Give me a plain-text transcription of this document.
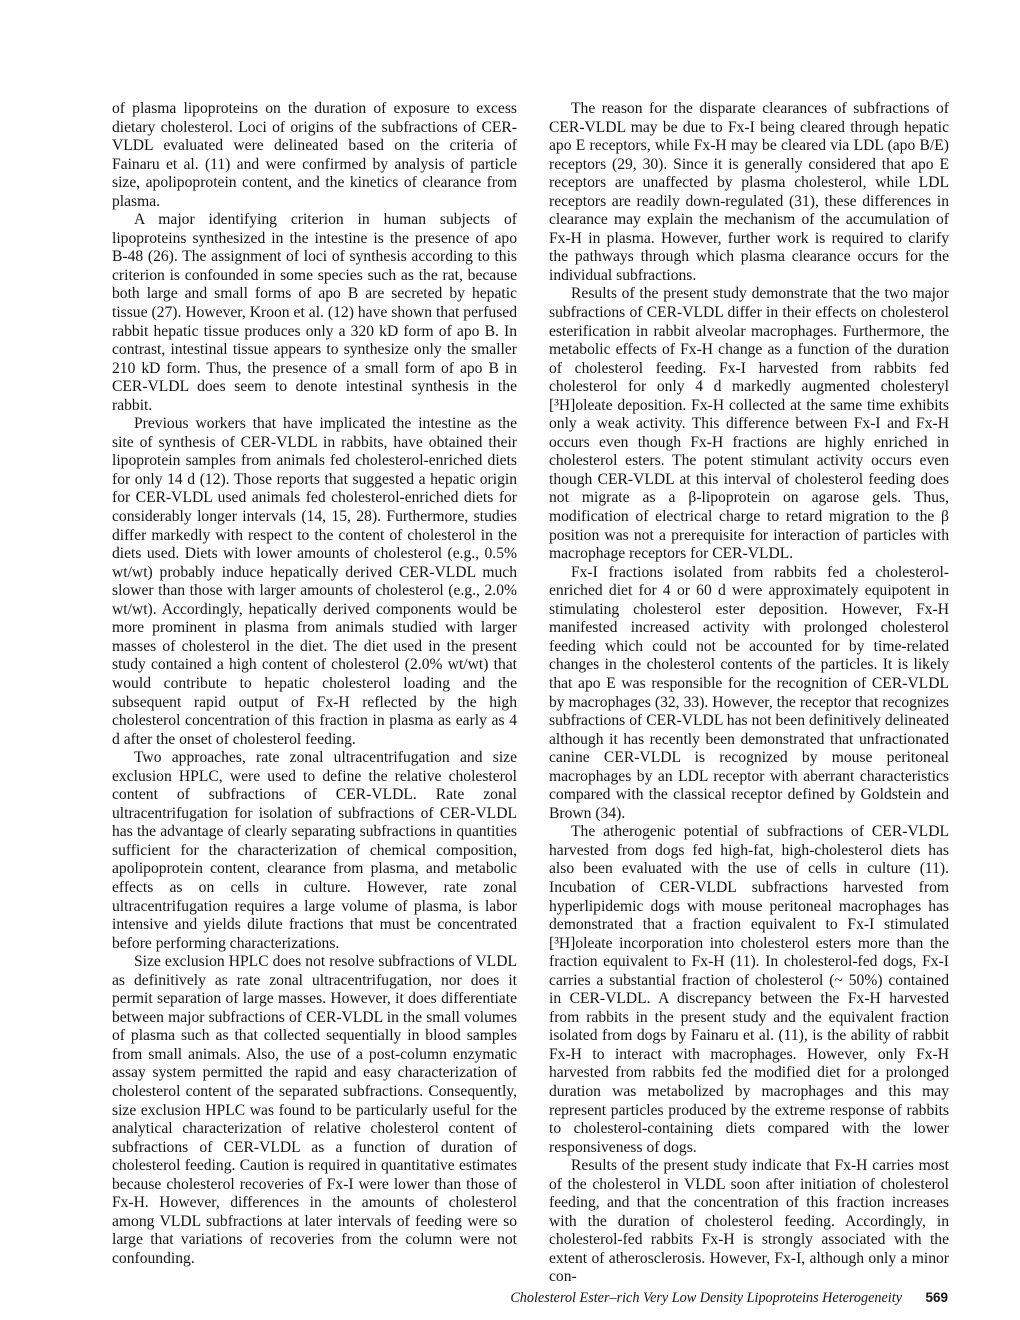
of plasma lipoproteins on the duration of exposure to excess dietary cholesterol. Loci of origins of the subfractions of CER-VLDL evaluated were delineated based on the criteria of Fainaru et al. (11) and were confirmed by analysis of particle size, apolipoprotein content, and the kinetics of clearance from plasma.

A major identifying criterion in human subjects of lipoproteins synthesized in the intestine is the presence of apo B-48 (26). The assignment of loci of synthesis according to this criterion is confounded in some species such as the rat, because both large and small forms of apo B are secreted by hepatic tissue (27). However, Kroon et al. (12) have shown that perfused rabbit hepatic tissue produces only a 320 kD form of apo B. In contrast, intestinal tissue appears to synthesize only the smaller 210 kD form. Thus, the presence of a small form of apo B in CER-VLDL does seem to denote intestinal synthesis in the rabbit.

Previous workers that have implicated the intestine as the site of synthesis of CER-VLDL in rabbits, have obtained their lipoprotein samples from animals fed cholesterol-enriched diets for only 14 d (12). Those reports that suggested a hepatic origin for CER-VLDL used animals fed cholesterol-enriched diets for considerably longer intervals (14, 15, 28). Furthermore, studies differ markedly with respect to the content of cholesterol in the diets used. Diets with lower amounts of cholesterol (e.g., 0.5% wt/wt) probably induce hepatically derived CER-VLDL much slower than those with larger amounts of cholesterol (e.g., 2.0% wt/wt). Accordingly, hepatically derived components would be more prominent in plasma from animals studied with larger masses of cholesterol in the diet. The diet used in the present study contained a high content of cholesterol (2.0% wt/wt) that would contribute to hepatic cholesterol loading and the subsequent rapid output of Fx-H reflected by the high cholesterol concentration of this fraction in plasma as early as 4 d after the onset of cholesterol feeding.

Two approaches, rate zonal ultracentrifugation and size exclusion HPLC, were used to define the relative cholesterol content of subfractions of CER-VLDL. Rate zonal ultracentrifugation for isolation of subfractions of CER-VLDL has the advantage of clearly separating subfractions in quantities sufficient for the characterization of chemical composition, apolipoprotein content, clearance from plasma, and metabolic effects as on cells in culture. However, rate zonal ultracentrifugation requires a large volume of plasma, is labor intensive and yields dilute fractions that must be concentrated before performing characterizations.

Size exclusion HPLC does not resolve subfractions of VLDL as definitively as rate zonal ultracentrifugation, nor does it permit separation of large masses. However, it does differentiate between major subfractions of CER-VLDL in the small volumes of plasma such as that collected sequentially in blood samples from small animals. Also, the use of a post-column enzymatic assay system permitted the rapid and easy characterization of cholesterol content of the separated subfractions. Consequently, size exclusion HPLC was found to be particularly useful for the analytical characterization of relative cholesterol content of subfractions of CER-VLDL as a function of duration of cholesterol feeding. Caution is required in quantitative estimates because cholesterol recoveries of Fx-I were lower than those of Fx-H. However, differences in the amounts of cholesterol among VLDL subfractions at later intervals of feeding were so large that variations of recoveries from the column were not confounding.

The reason for the disparate clearances of subfractions of CER-VLDL may be due to Fx-I being cleared through hepatic apo E receptors, while Fx-H may be cleared via LDL (apo B/E) receptors (29, 30). Since it is generally considered that apo E receptors are unaffected by plasma cholesterol, while LDL receptors are readily down-regulated (31), these differences in clearance may explain the mechanism of the accumulation of Fx-H in plasma. However, further work is required to clarify the pathways through which plasma clearance occurs for the individual subfractions.

Results of the present study demonstrate that the two major subfractions of CER-VLDL differ in their effects on cholesterol esterification in rabbit alveolar macrophages. Furthermore, the metabolic effects of Fx-H change as a function of the duration of cholesterol feeding. Fx-I harvested from rabbits fed cholesterol for only 4 d markedly augmented cholesteryl [³H]oleate deposition. Fx-H collected at the same time exhibits only a weak activity. This difference between Fx-I and Fx-H occurs even though Fx-H fractions are highly enriched in cholesterol esters. The potent stimulant activity occurs even though CER-VLDL at this interval of cholesterol feeding does not migrate as a β-lipoprotein on agarose gels. Thus, modification of electrical charge to retard migration to the β position was not a prerequisite for interaction of particles with macrophage receptors for CER-VLDL.

Fx-I fractions isolated from rabbits fed a cholesterol-enriched diet for 4 or 60 d were approximately equipotent in stimulating cholesterol ester deposition. However, Fx-H manifested increased activity with prolonged cholesterol feeding which could not be accounted for by time-related changes in the cholesterol contents of the particles. It is likely that apo E was responsible for the recognition of CER-VLDL by macrophages (32, 33). However, the receptor that recognizes subfractions of CER-VLDL has not been definitively delineated although it has recently been demonstrated that unfractionated canine CER-VLDL is recognized by mouse peritoneal macrophages by an LDL receptor with aberrant characteristics compared with the classical receptor defined by Goldstein and Brown (34).

The atherogenic potential of subfractions of CER-VLDL harvested from dogs fed high-fat, high-cholesterol diets has also been evaluated with the use of cells in culture (11). Incubation of CER-VLDL subfractions harvested from hyperlipidemic dogs with mouse peritoneal macrophages has demonstrated that a fraction equivalent to Fx-I stimulated [³H]oleate incorporation into cholesterol esters more than the fraction equivalent to Fx-H (11). In cholesterol-fed dogs, Fx-I carries a substantial fraction of cholesterol (~ 50%) contained in CER-VLDL. A discrepancy between the Fx-H harvested from rabbits in the present study and the equivalent fraction isolated from dogs by Fainaru et al. (11), is the ability of rabbit Fx-H to interact with macrophages. However, only Fx-H harvested from rabbits fed the modified diet for a prolonged duration was metabolized by macrophages and this may represent particles produced by the extreme response of rabbits to cholesterol-containing diets compared with the lower responsiveness of dogs.

Results of the present study indicate that Fx-H carries most of the cholesterol in VLDL soon after initiation of cholesterol feeding, and that the concentration of this fraction increases with the duration of cholesterol feeding. Accordingly, in cholesterol-fed rabbits Fx-H is strongly associated with the extent of atherosclerosis. However, Fx-I, although only a minor con-

Cholesterol Ester–rich Very Low Density Lipoproteins Heterogeneity 569
